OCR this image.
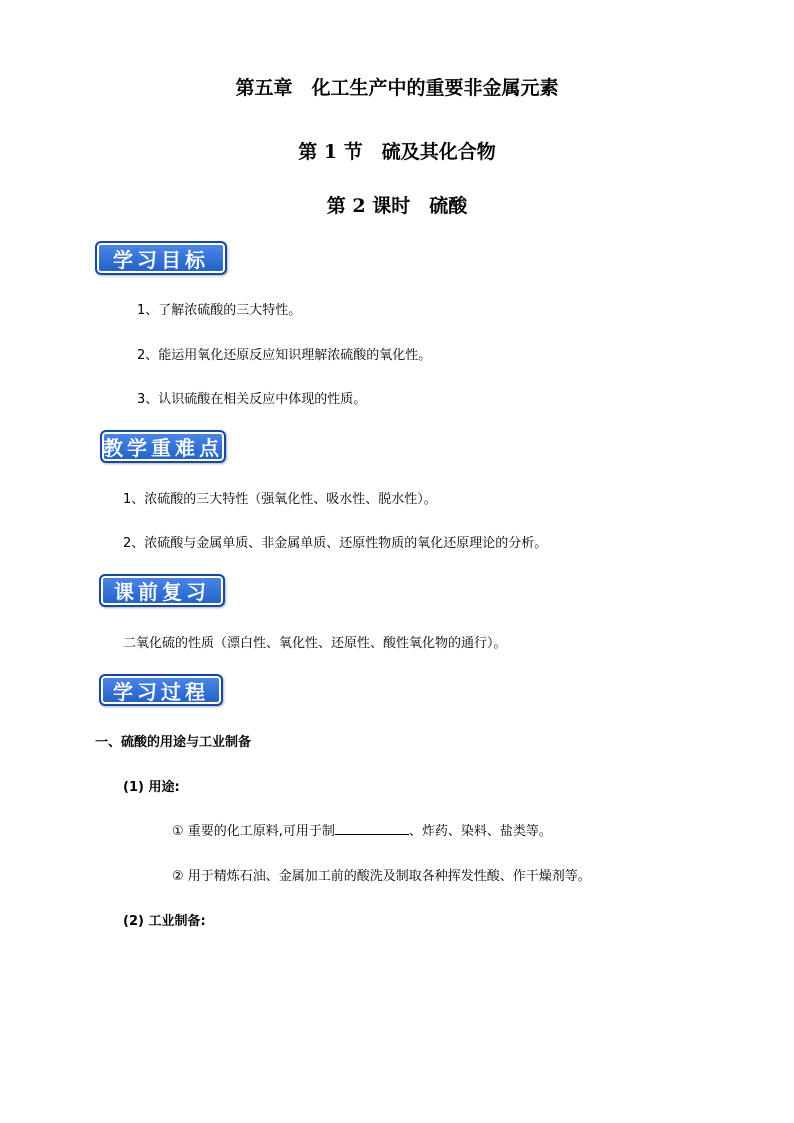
第五章　化工生产中的重要非金属元素
第 1 节　硫及其化合物
第 2 课时　硫酸
学习目标
1、了解浓硫酸的三大特性。
2、能运用氧化还原反应知识理解浓硫酸的氧化性。
3、认识硫酸在相关反应中体现的性质。
教学重难点
1、浓硫酸的三大特性（强氧化性、吸水性、脱水性）。
2、浓硫酸与金属单质、非金属单质、还原性物质的氧化还原理论的分析。
课前复习
二氧化硫的性质（漂白性、氧化性、还原性、酸性氧化物的通行）。
学习过程
一、硫酸的用途与工业制备
(1) 用途:
① 重要的化工原料,可用于制	、炸药、染料、盐类等。
② 用于精炼石油、金属加工前的酸洗及制取各种挥发性酸、作干燥剂等。
(2) 工业制备:
